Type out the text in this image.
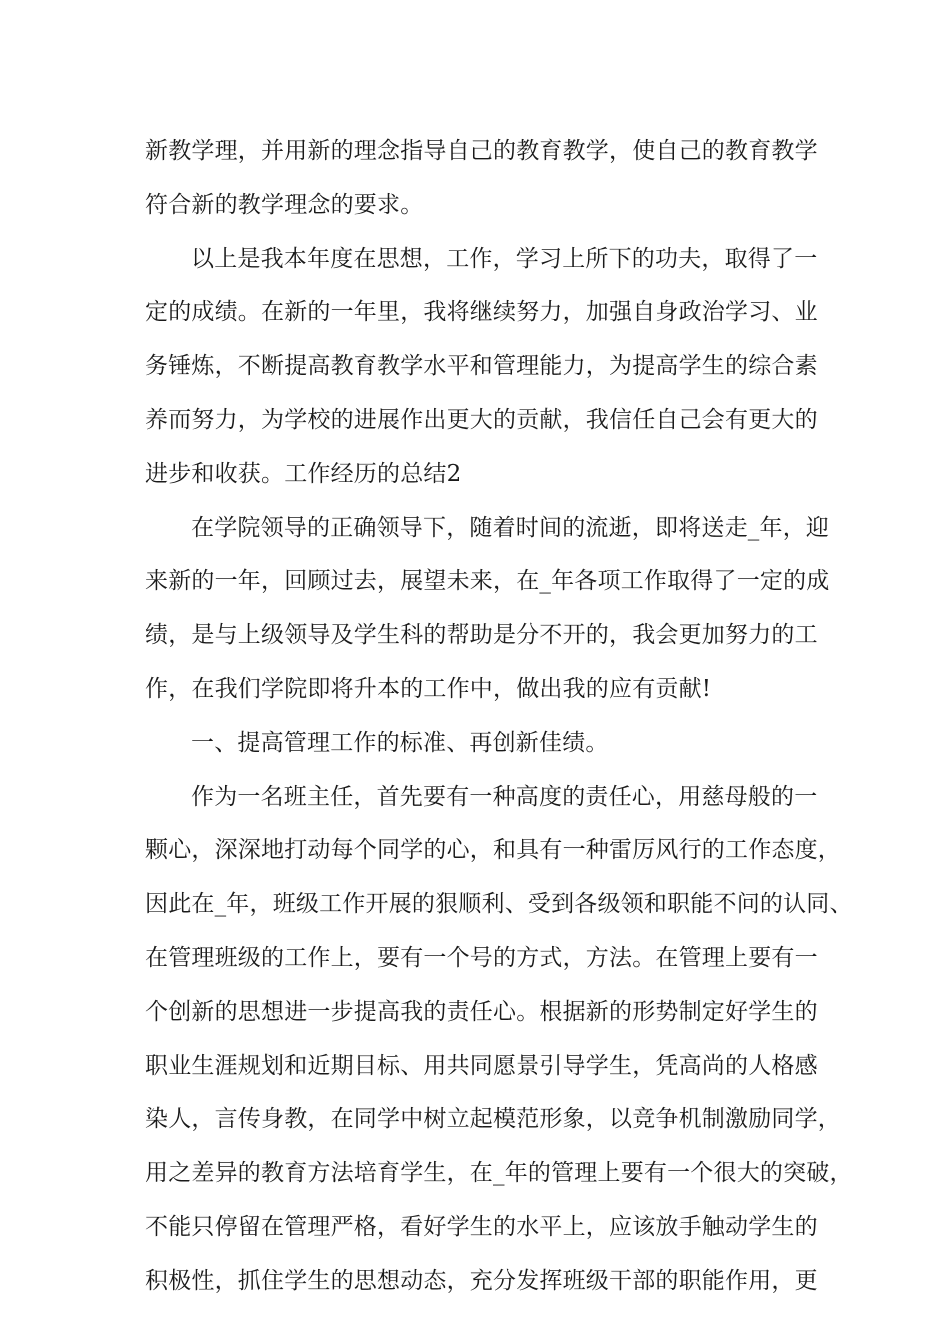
新教学理，并用新的理念指导自己的教育教学，使自己的教育教学
符合新的教学理念的要求。
以上是我本年度在思想，工作，学习上所下的功夫，取得了一
定的成绩。在新的一年里，我将继续努力，加强自身政治学习、业
务锤炼，不断提高教育教学水平和管理能力，为提高学生的综合素
养而努力，为学校的进展作出更大的贡献，我信任自己会有更大的
进步和收获。工作经历的总结2
在学院领导的正确领导下，随着时间的流逝，即将送走_年，迎
来新的一年，回顾过去，展望未来，在_年各项工作取得了一定的成
绩，是与上级领导及学生科的帮助是分不开的，我会更加努力的工
作，在我们学院即将升本的工作中，做出我的应有贡献!
一、提高管理工作的标准、再创新佳绩。
作为一名班主任，首先要有一种高度的责任心，用慈母般的一
颗心，深深地打动每个同学的心，和具有一种雷厉风行的工作态度，
因此在_年，班级工作开展的狠顺利、受到各级领和职能不问的认同、
在管理班级的工作上，要有一个号的方式，方法。在管理上要有一
个创新的思想进一步提高我的责任心。根据新的形势制定好学生的
职业生涯规划和近期目标、用共同愿景引导学生，凭高尚的人格感
染人，言传身教，在同学中树立起模范形象，以竞争机制激励同学，
用之差异的教育方法培育学生，在_年的管理上要有一个很大的突破，
不能只停留在管理严格，看好学生的水平上，应该放手触动学生的
积极性，抓住学生的思想动态，充分发挥班级干部的职能作用，更
